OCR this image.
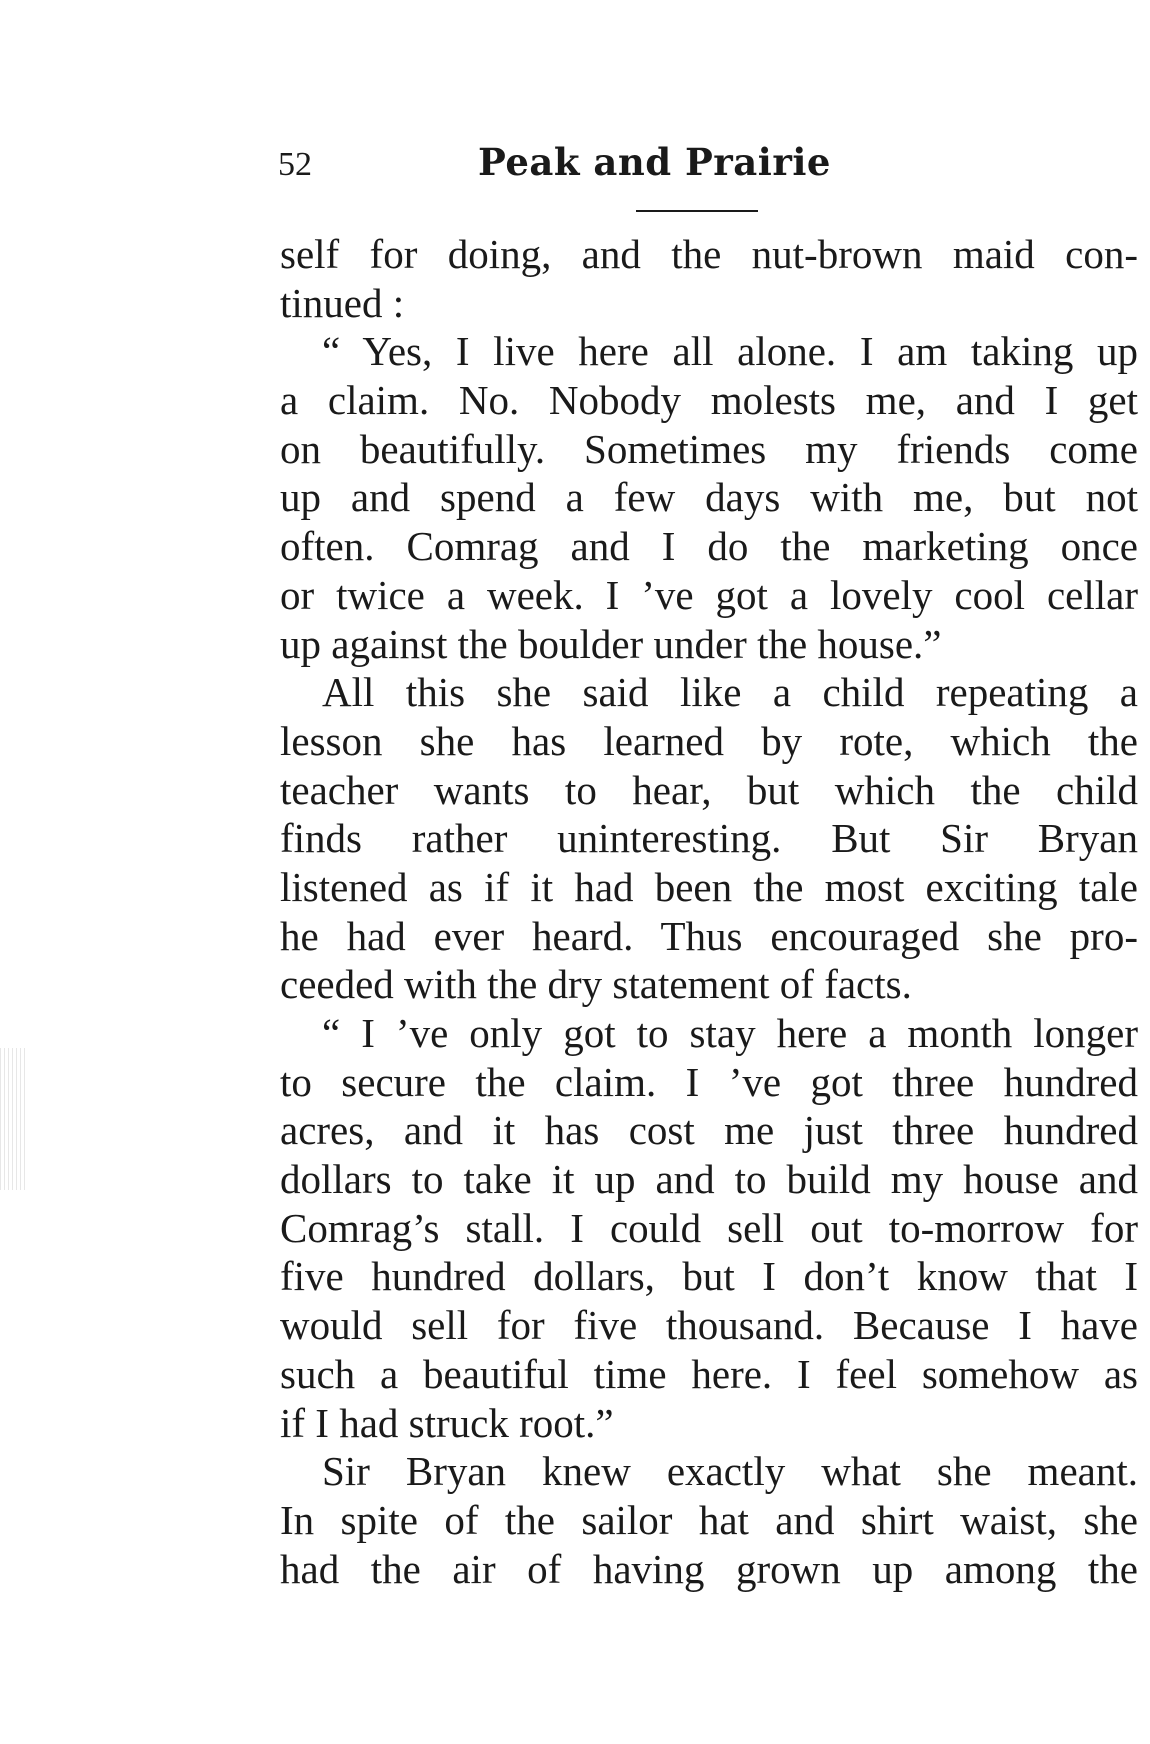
52	Peak and Prairie
self for doing, and the nut-brown maid con-
tinued :
“ Yes, I live here all alone. I am taking up
a claim. No. Nobody molests me, and I get
on beautifully. Sometimes my friends come
up and spend a few days with me, but not
often. Comrag and I do the marketing once
or twice a week. I ’ve got a lovely cool cellar
up against the boulder under the house.”
All this she said like a child repeating a
lesson she has learned by rote, which the
teacher wants to hear, but which the child
finds rather uninteresting. But Sir Bryan
listened as if it had been the most exciting tale
he had ever heard. Thus encouraged she pro-
ceeded with the dry statement of facts.
“ I ’ve only got to stay here a month longer
to secure the claim. I ’ve got three hundred
acres, and it has cost me just three hundred
dollars to take it up and to build my house and
Comrag’s stall. I could sell out to-morrow for
five hundred dollars, but I don’t know that I
would sell for five thousand. Because I have
such a beautiful time here. I feel somehow as
if I had struck root.”
Sir Bryan knew exactly what she meant.
In spite of the sailor hat and shirt waist, she
had the air of having grown up among the
